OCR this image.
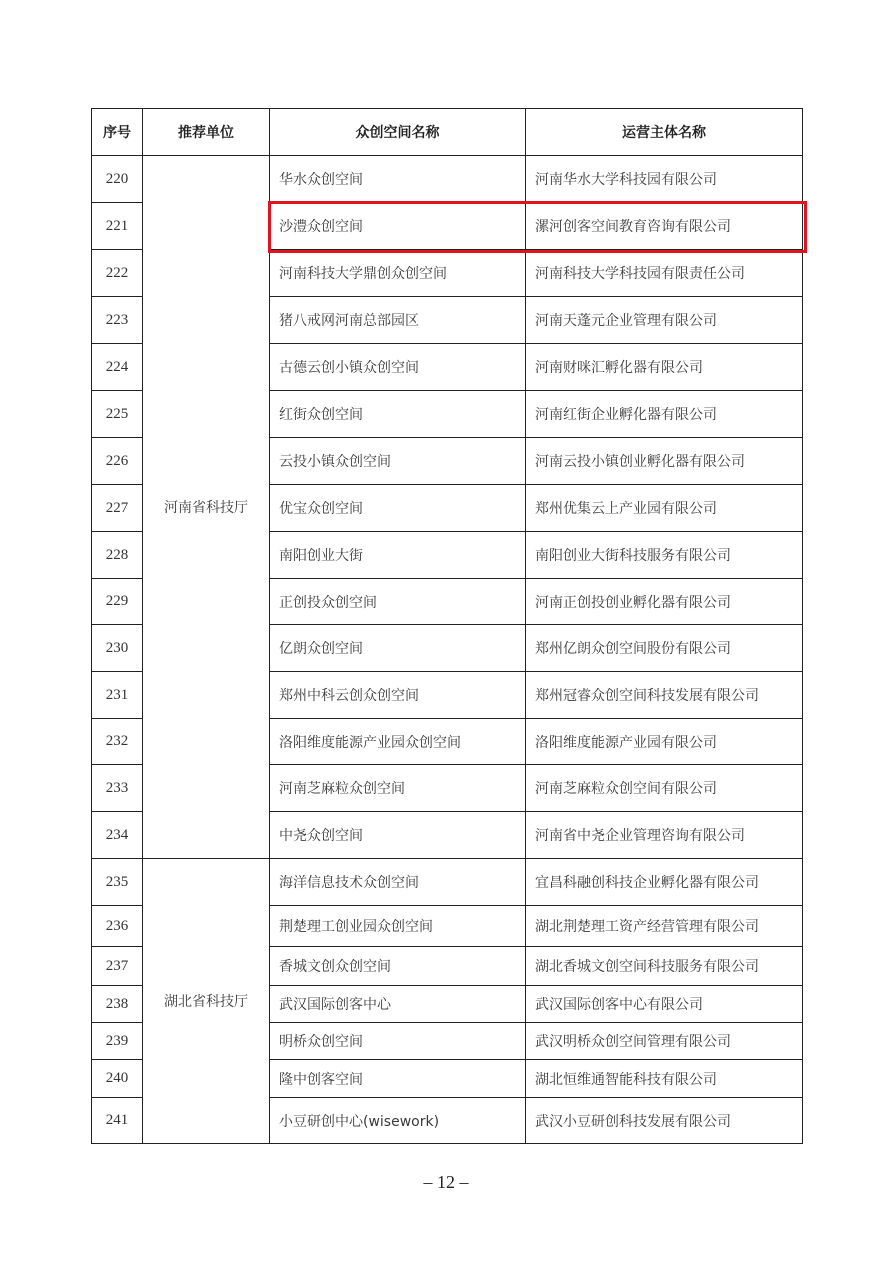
序号	推荐单位	众创空间名称	运营主体名称
220	河南省科技厅	华水众创空间	河南华水大学科技园有限公司
221		沙澧众创空间	漯河创客空间教育咨询有限公司
222		河南科技大学鼎创众创空间	河南科技大学科技园有限责任公司
223		猪八戒网河南总部园区	河南天蓬元企业管理有限公司
224		古德云创小镇众创空间	河南财咪汇孵化器有限公司
225		红街众创空间	河南红街企业孵化器有限公司
226		云投小镇众创空间	河南云投小镇创业孵化器有限公司
227		优宝众创空间	郑州优集云上产业园有限公司
228		南阳创业大街	南阳创业大街科技服务有限公司
229		正创投众创空间	河南正创投创业孵化器有限公司
230		亿朗众创空间	郑州亿朗众创空间股份有限公司
231		郑州中科云创众创空间	郑州冠睿众创空间科技发展有限公司
232		洛阳维度能源产业园众创空间	洛阳维度能源产业园有限公司
233		河南芝麻粒众创空间	河南芝麻粒众创空间有限公司
234		中尧众创空间	河南省中尧企业管理咨询有限公司
235	湖北省科技厅	海洋信息技术众创空间	宜昌科融创科技企业孵化器有限公司
236		荆楚理工创业园众创空间	湖北荆楚理工资产经营管理有限公司
237		香城文创众创空间	湖北香城文创空间科技服务有限公司
238		武汉国际创客中心	武汉国际创客中心有限公司
239		明桥众创空间	武汉明桥众创空间管理有限公司
240		隆中创客空间	湖北恒维通智能科技有限公司
241		小豆研创中心(wisework)	武汉小豆研创科技发展有限公司
– 12 –
